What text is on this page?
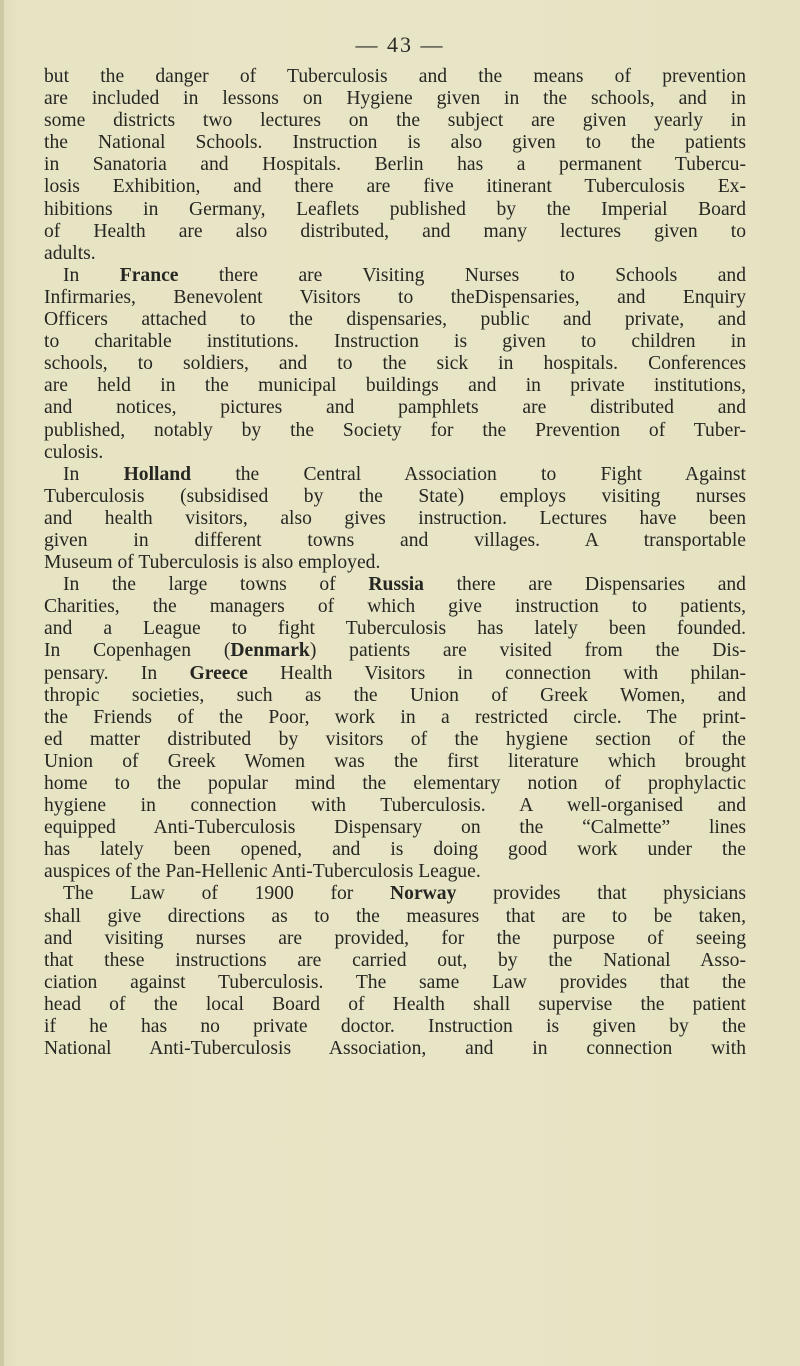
— 43 —
but the danger of Tuberculosis and the means of prevention
are included in lessons on Hygiene given in the schools, and in
some districts two lectures on the subject are given yearly in
the National Schools. Instruction is also given to the patients
in Sanatoria and Hospitals. Berlin has a permanent Tubercu-
losis Exhibition, and there are five itinerant Tuberculosis Ex-
hibitions in Germany, Leaflets published by the Imperial Board
of Health are also distributed, and many lectures given to
adults.
In France there are Visiting Nurses to Schools and
Infirmaries, Benevolent Visitors to theDispensaries, and Enquiry
Officers attached to the dispensaries, public and private, and
to charitable institutions. Instruction is given to children in
schools, to soldiers, and to the sick in hospitals. Conferences
are held in the municipal buildings and in private institutions,
and notices, pictures and pamphlets are distributed and
published, notably by the Society for the Prevention of Tuber-
culosis.
In Holland the Central Association to Fight Against
Tuberculosis (subsidised by the State) employs visiting nurses
and health visitors, also gives instruction. Lectures have been
given in different towns and villages. A transportable
Museum of Tuberculosis is also employed.
In the large towns of Russia there are Dispensaries and
Charities, the managers of which give instruction to patients,
and a League to fight Tuberculosis has lately been founded.
In Copenhagen (Denmark) patients are visited from the Dis-
pensary. In Greece Health Visitors in connection with philan-
thropic societies, such as the Union of Greek Women, and
the Friends of the Poor, work in a restricted circle. The print-
ed matter distributed by visitors of the hygiene section of the
Union of Greek Women was the first literature which brought
home to the popular mind the elementary notion of prophylactic
hygiene in connection with Tuberculosis. A well-organised and
equipped Anti-Tuberculosis Dispensary on the “Calmette” lines
has lately been opened, and is doing good work under the
auspices of the Pan-Hellenic Anti-Tuberculosis League.
The Law of 1900 for Norway provides that physicians
shall give directions as to the measures that are to be taken,
and visiting nurses are provided, for the purpose of seeing
that these instructions are carried out, by the National Asso-
ciation against Tuberculosis. The same Law provides that the
head of the local Board of Health shall supervise the patient
if he has no private doctor. Instruction is given by the
National Anti-Tuberculosis Association, and in connection with
